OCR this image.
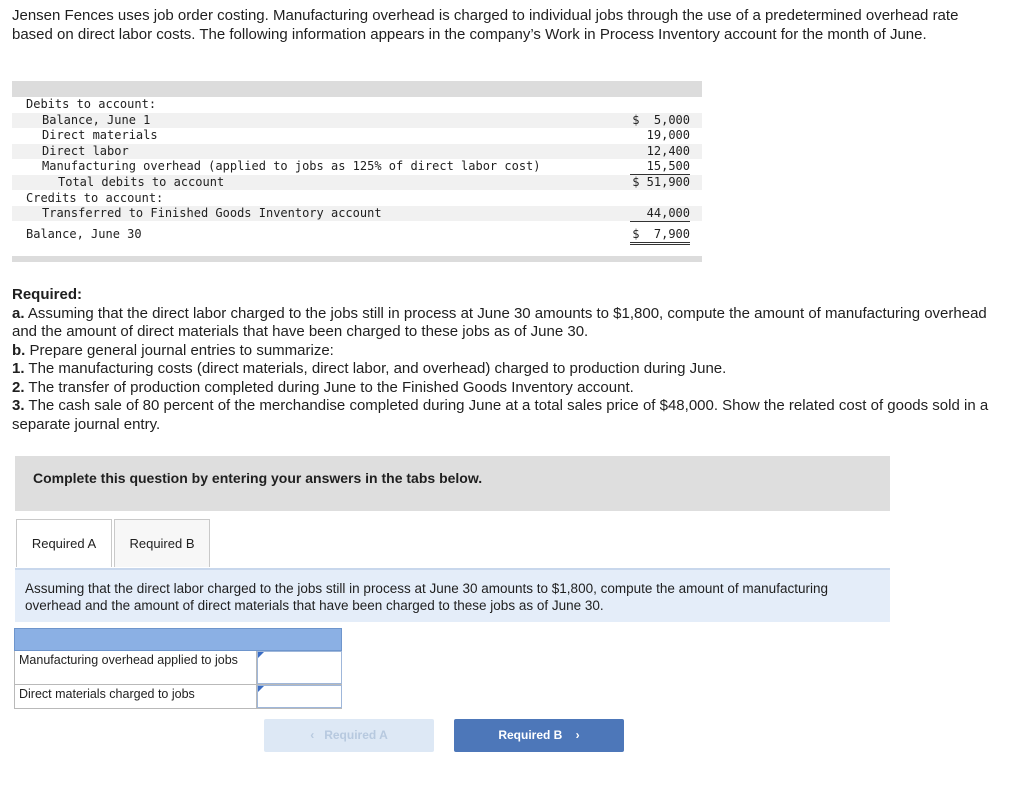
Jensen Fences uses job order costing. Manufacturing overhead is charged to individual jobs through the use of a predetermined overhead rate based on direct labor costs. The following information appears in the company’s Work in Process Inventory account for the month of June.
Debits to account:
Balance, June 1	$  5,000
Direct materials	19,000
Direct labor	12,400
Manufacturing overhead (applied to jobs as 125% of direct labor cost)	15,500
Total debits to account	$ 51,900
Credits to account:
Transferred to Finished Goods Inventory account	44,000
Balance, June 30	$  7,900
Required:
a. Assuming that the direct labor charged to the jobs still in process at June 30 amounts to $1,800, compute the amount of manufacturing overhead and the amount of direct materials that have been charged to these jobs as of June 30.
b. Prepare general journal entries to summarize:
1. The manufacturing costs (direct materials, direct labor, and overhead) charged to production during June.
2. The transfer of production completed during June to the Finished Goods Inventory account.
3. The cash sale of 80 percent of the merchandise completed during June at a total sales price of $48,000. Show the related cost of goods sold in a separate journal entry.
Complete this question by entering your answers in the tabs below.
Required A	Required B
Assuming that the direct labor charged to the jobs still in process at June 30 amounts to $1,800, compute the amount of manufacturing overhead and the amount of direct materials that have been charged to these jobs as of June 30.
Manufacturing overhead applied to jobs
Direct materials charged to jobs
‹ Required A	Required B ›
